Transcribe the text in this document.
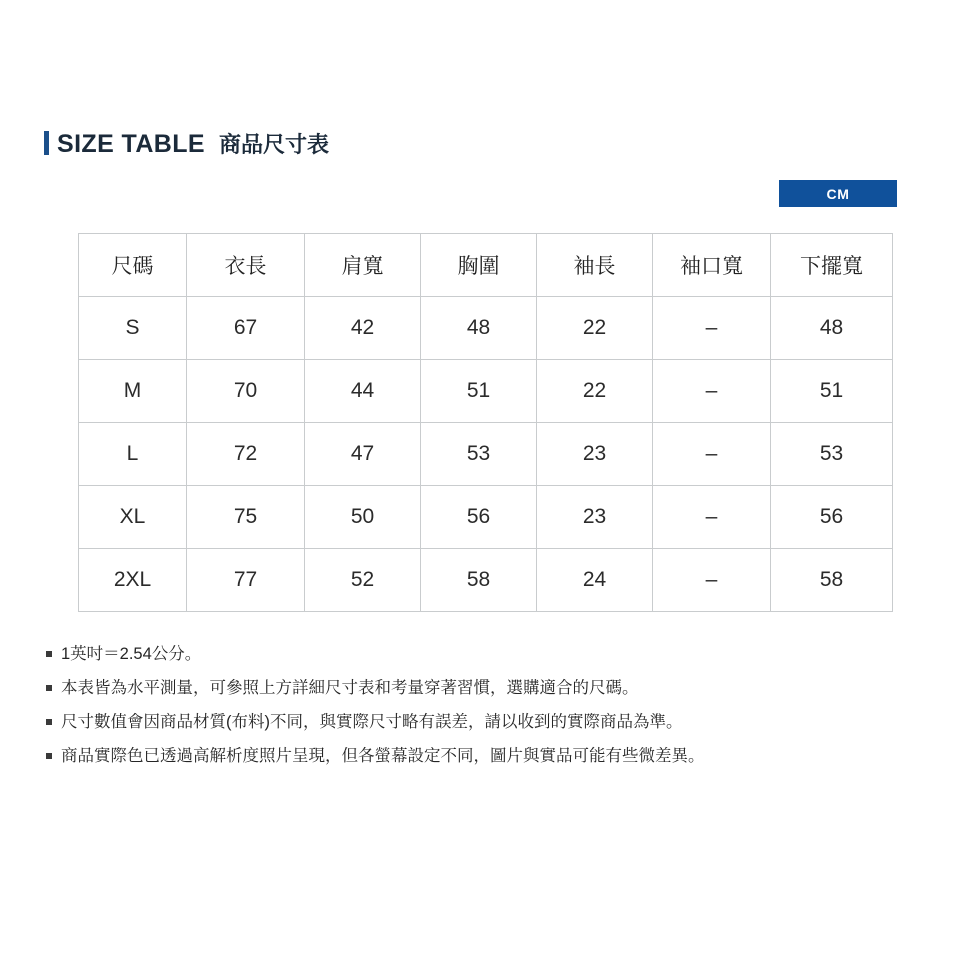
SIZE TABLE 商品尺寸表
CM
尺碼	衣長	肩寬	胸圍	袖長	袖口寬	下擺寬
S	67	42	48	22	–	48
M	70	44	51	22	–	51
L	72	47	53	23	–	53
XL	75	50	56	23	–	56
2XL	77	52	58	24	–	58
1英吋＝2.54公分。
本表皆為水平測量，可參照上方詳細尺寸表和考量穿著習慣，選購適合的尺碼。
尺寸數值會因商品材質(布料)不同，與實際尺寸略有誤差，請以收到的實際商品為準。
商品實際色已透過高解析度照片呈現，但各螢幕設定不同，圖片與實品可能有些微差異。
